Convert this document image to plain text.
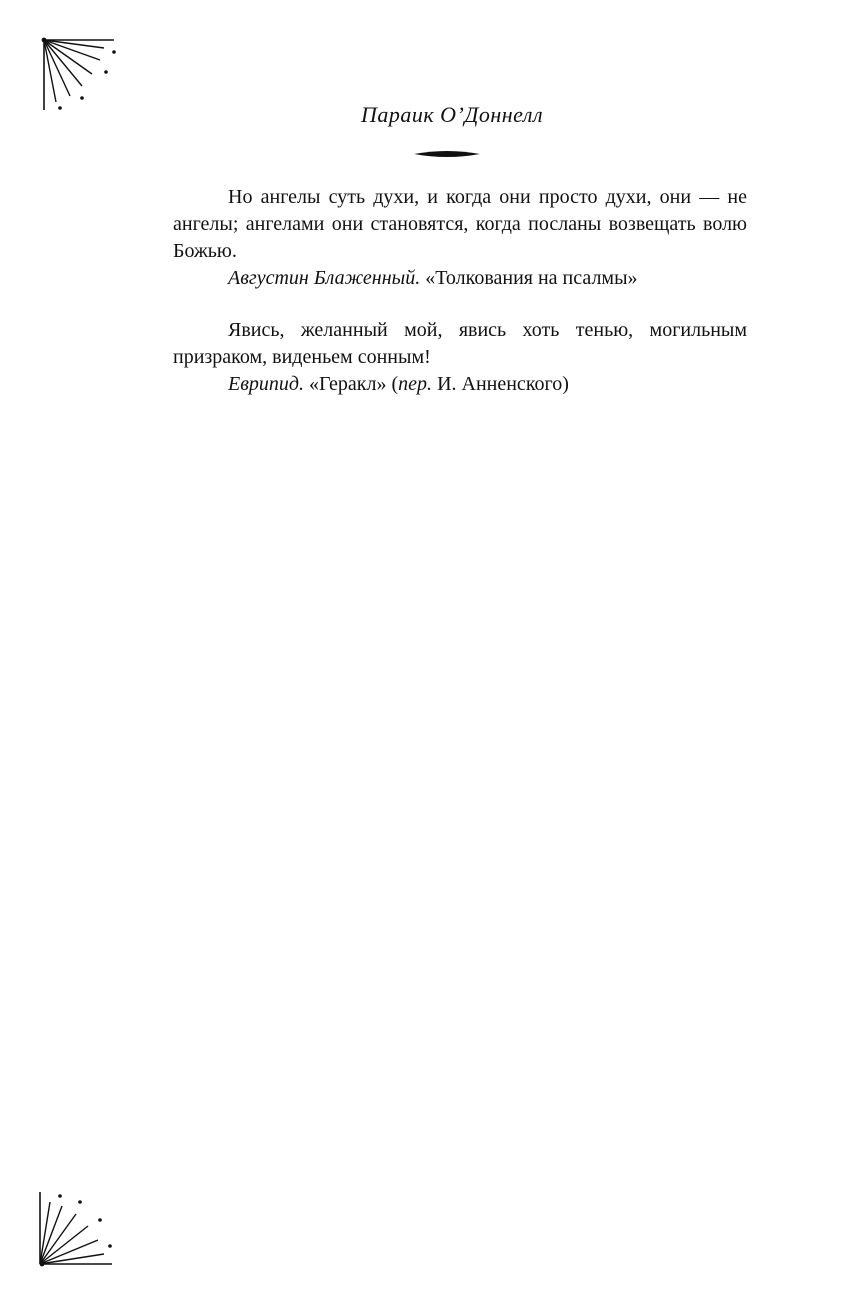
Параик О’Доннелл

Но ангелы суть духи, и когда они просто духи, они — не ангелы; ангелами они становятся, когда посланы возвещать волю Божью.

Августин Блаженный. «Толкования на псалмы»

Явись, желанный мой, явись хоть тенью, могильным призраком, виденьем сонным!

Еврипид. «Геракл» (пер. И. Анненского)
